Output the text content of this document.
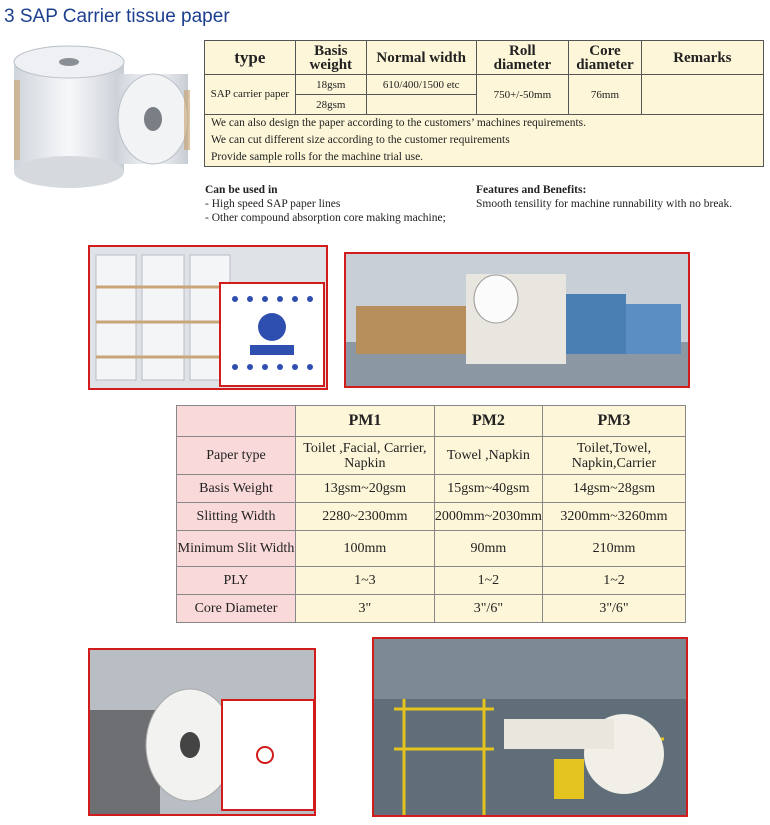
3 SAP Carrier tissue paper
type	Basis weight	Normal width	Roll diameter	Core diameter	Remarks
SAP carrier paper	18gsm	610/400/1500 etc	750+/-50mm	76mm	
	28gsm				

We can also design the paper according to the customers’ machines requirements.
We can cut different size according to the customer requirements
Provide sample rolls for the machine trial use.					
Can be used in
- High speed SAP paper lines
- Other compound absorption core making machine;
Features and Benefits:
Smooth tensility for machine runnability with no break.
	PM1	PM2	PM3
Paper type	Toilet ,Facial, Carrier, Napkin	Towel ,Napkin	Toilet,Towel, Napkin,Carrier
Basis Weight	13gsm~20gsm	15gsm~40gsm	14gsm~28gsm
Slitting Width	2280~2300mm	2000mm~2030mm	3200mm~3260mm
Minimum Slit Width	100mm	90mm	210mm
PLY	1~3	1~2	1~2
Core Diameter	3"	3"/6"	3"/6"
